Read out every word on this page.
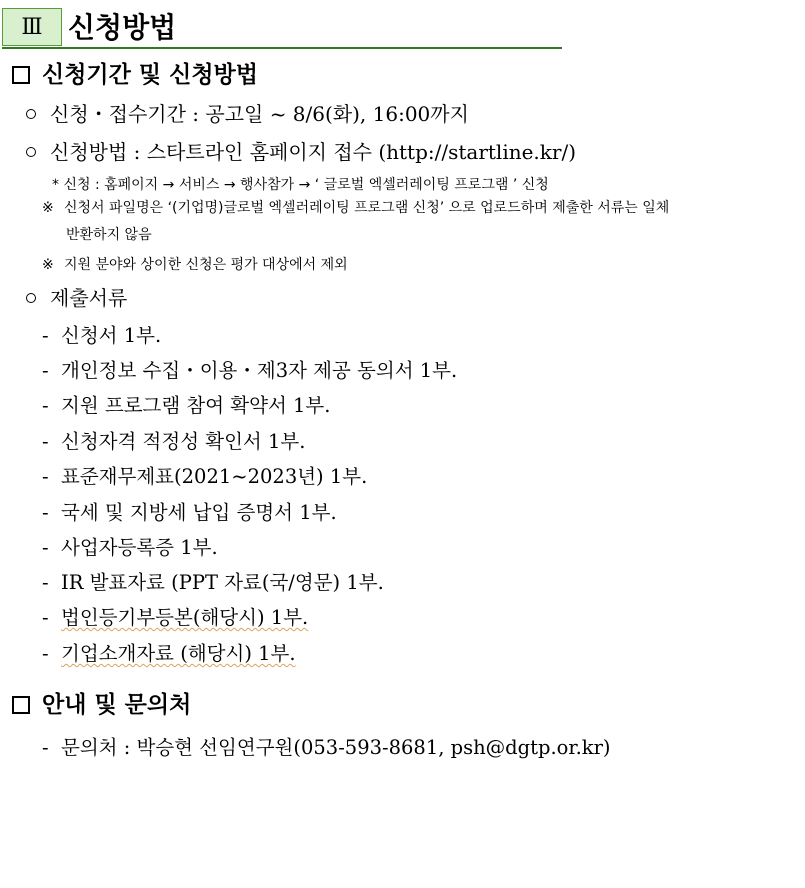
Ⅲ 신청방법
신청기간 및 신청방법
신청・접수기간 : 공고일 ~ 8/6(화), 16:00까지
신청방법 : 스타트라인 홈페이지 접수 (http://startline.kr/)
* 신청 : 홈페이지 → 서비스 → 행사참가 → ‘ 글로벌 엑셀러레이팅 프로그램 ’ 신청
※ 신청서 파일명은 ‘(기업명)글로벌 엑셀러레이팅 프로그램 신청’ 으로 업로드하며 제출한 서류는 일체
반환하지 않음
※ 지원 분야와 상이한 신청은 평가 대상에서 제외
제출서류
-  신청서 1부.
-  개인정보 수집・이용・제3자 제공 동의서 1부.
-  지원 프로그램 참여 확약서 1부.
-  신청자격 적정성 확인서 1부.
-  표준재무제표(2021~2023년) 1부.
-  국세 및 지방세 납입 증명서 1부.
-  사업자등록증 1부.
-  IR 발표자료 (PPT 자료(국/영문) 1부.
-  법인등기부등본(해당시) 1부.
-  기업소개자료 (해당시) 1부.
안내 및 문의처
-  문의처 : 박승현 선임연구원(053-593-8681, psh@dgtp.or.kr)
